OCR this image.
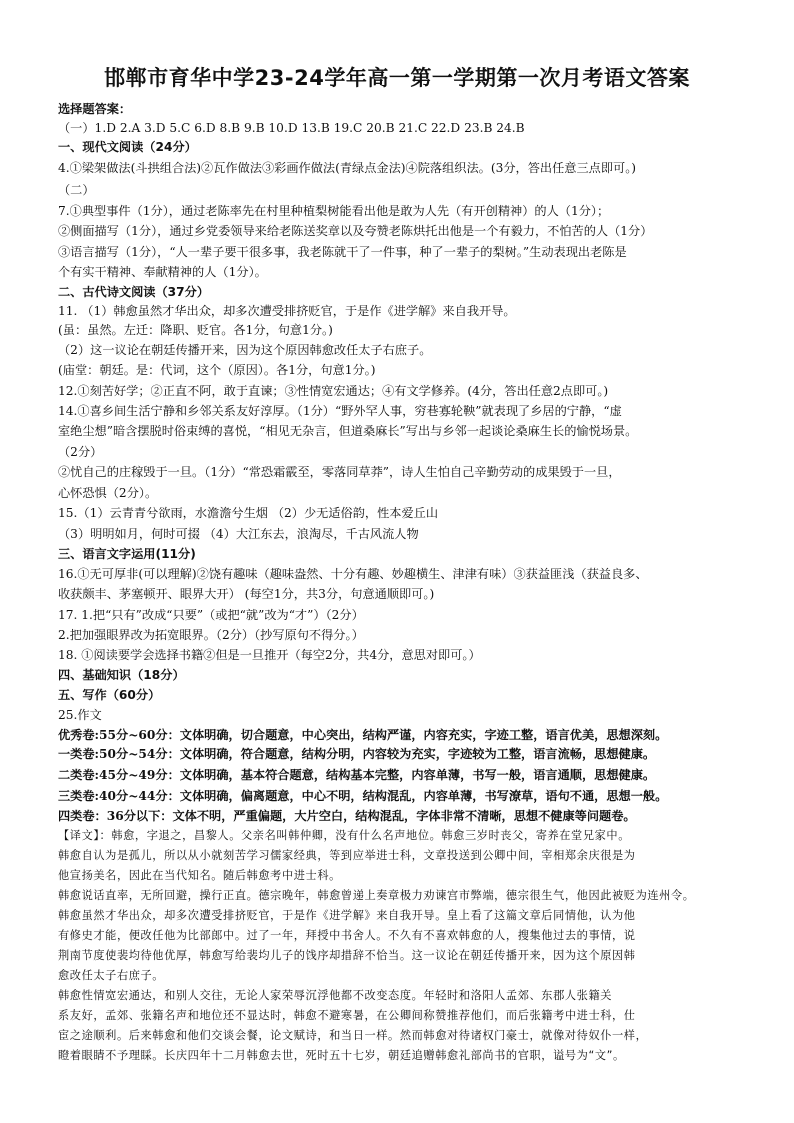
邯郸市育华中学23-24学年高一第一学期第一次月考语文答案
选择题答案：
（一）1.D 2.A 3.D 5.C 6.D 8.B 9.B 10.D 13.B 19.C 20.B 21.C 22.D 23.B 24.B
一、现代文阅读（24分）
4.①梁架做法(斗拱组合法)②瓦作做法③彩画作做法(青绿点金法)④院落组织法。(3分，答出任意三点即可。)
（二）
7.①典型事件（1分），通过老陈率先在村里种植梨树能看出他是敢为人先（有开创精神）的人（1分）；
②侧面描写（1分），通过乡党委领导来给老陈送奖章以及夸赞老陈烘托出他是一个有毅力，不怕苦的人（1分）
③语言描写（1分），“人一辈子要干很多事，我老陈就干了一件事，种了一辈子的梨树。”生动表现出老陈是
个有实干精神、奉献精神的人（1分）。
二、古代诗文阅读（37分）
11. （1）韩愈虽然才华出众，却多次遭受排挤贬官，于是作《进学解》来自我开导。
(虽：虽然。左迁：降职、贬官。各1分，句意1分。)
（2）这一议论在朝廷传播开来，因为这个原因韩愈改任太子右庶子。
(庙堂：朝廷。是：代词，这个（原因）。各1分，句意1分。)
12.①刻苦好学；②正直不阿，敢于直谏；③性情宽宏通达；④有文学修养。(4分，答出任意2点即可。)
14.①喜乡间生活宁静和乡邻关系友好淳厚。（1分）“野外罕人事，穷巷寡轮鞅”就表现了乡居的宁静，“虚
室绝尘想”暗含摆脱时俗束缚的喜悦，“相见无杂言，但道桑麻长”写出与乡邻一起谈论桑麻生长的愉悦场景。
（2分）
②忧自己的庄稼毁于一旦。（1分）“常恐霜霰至，零落同草莽”，诗人生怕自己辛勤劳动的成果毁于一旦，
心怀恐惧（2分）。
15.（1）云青青兮欲雨，水澹澹兮生烟 （2）少无适俗韵，性本爱丘山
（3）明明如月，何时可掇 （4）大江东去，浪淘尽，千古风流人物
三、语言文字运用(11分)
16.①无可厚非(可以理解)②饶有趣味（趣味盎然、十分有趣、妙趣横生、津津有味）③获益匪浅（获益良多、
收获颇丰、茅塞顿开、眼界大开） (每空1分，共3分，句意通顺即可。)
17. 1.把“只有”改成“只要”（或把“就”改为“才”）（2分）
2.把加强眼界改为拓宽眼界。（2分）（抄写原句不得分。）
18. ①阅读要学会选择书籍②但是一旦推开（每空2分，共4分，意思对即可。）
四、基础知识（18分）
五、写作（60分）
25.作文
优秀卷:55分~60分：文体明确，切合题意，中心突出，结构严谨，内容充实，字迹工整，语言优美，思想深刻。
一类卷:50分~54分：文体明确，符合题意，结构分明，内容较为充实，字迹较为工整，语言流畅，思想健康。
二类卷:45分~49分：文体明确，基本符合题意，结构基本完整，内容单薄，书写一般，语言通顺，思想健康。
三类卷:40分~44分：文体明确，偏离题意，中心不明，结构混乱，内容单薄，书写潦草，语句不通，思想一般。
四类卷：36分以下：文体不明，严重偏题，大片空白，结构混乱，字体非常不清晰，思想不健康等问题卷。
【译文】：韩愈，字退之，昌黎人。父亲名叫韩仲卿，没有什么名声地位。韩愈三岁时丧父，寄养在堂兄家中。
韩愈自认为是孤儿，所以从小就刻苦学习儒家经典，等到应举进士科，文章投送到公卿中间，宰相郑余庆很是为
他宣扬美名，因此在当代知名。随后韩愈考中进士科。
韩愈说话直率，无所回避，操行正直。德宗晚年，韩愈曾递上奏章极力劝谏宫市弊端，德宗很生气，他因此被贬为连州令。
韩愈虽然才华出众，却多次遭受排挤贬官，于是作《进学解》来自我开导。皇上看了这篇文章后同情他，认为他
有修史才能，便改任他为比部郎中。过了一年，拜授中书舍人。不久有不喜欢韩愈的人，搜集他过去的事情，说
荆南节度使裴均待他优厚，韩愈写给裴均儿子的饯序却措辞不恰当。这一议论在朝廷传播开来，因为这个原因韩
愈改任太子右庶子。
韩愈性情宽宏通达，和别人交往，无论人家荣辱沉浮他都不改变态度。年轻时和洛阳人孟郊、东郡人张籍关
系友好，孟郊、张籍名声和地位还不显达时，韩愈不避寒暑，在公卿间称赞推荐他们，而后张籍考中进士科，仕
宦之途顺利。后来韩愈和他们交谈会餐，论文赋诗，和当日一样。然而韩愈对待诸权门豪士，就像对待奴仆一样，
瞪着眼睛不予理睬。长庆四年十二月韩愈去世，死时五十七岁，朝廷追赠韩愈礼部尚书的官职，谥号为“文”。
